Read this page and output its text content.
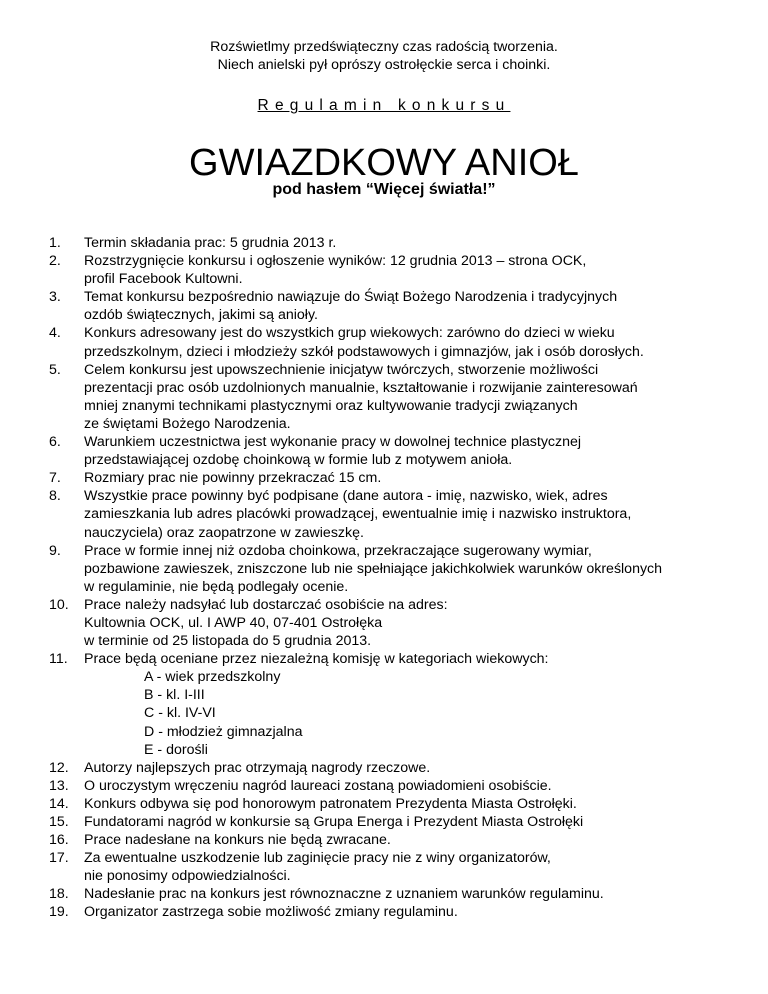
Rozświetlmy przedświąteczny czas radością tworzenia.
Niech anielski pył oprószy ostrołęckie serca i choinki.
Regulamin konkursu
GWIAZDKOWY ANIOŁ
pod hasłem “Więcej światła!”
1. Termin składania prac: 5 grudnia 2013 r.
2. Rozstrzygnięcie konkursu i ogłoszenie wyników: 12 grudnia 2013 – strona OCK,
profil Facebook Kultowni.
3. Temat konkursu bezpośrednio nawiązuje do Świąt Bożego Narodzenia i tradycyjnych
ozdób świątecznych, jakimi są anioły.
4. Konkurs adresowany jest do wszystkich grup wiekowych: zarówno do dzieci w wieku
przedszkolnym, dzieci i młodzieży szkół podstawowych i gimnazjów, jak i osób dorosłych.
5. Celem konkursu jest upowszechnienie inicjatyw twórczych, stworzenie możliwości
prezentacji prac osób uzdolnionych manualnie, kształtowanie i rozwijanie zainteresowań
mniej znanymi technikami plastycznymi oraz kultywowanie tradycji związanych
ze świętami Bożego Narodzenia.
6. Warunkiem uczestnictwa jest wykonanie pracy w dowolnej technice plastycznej
przedstawiającej ozdobę choinkową w formie lub z motywem anioła.
7. Rozmiary prac nie powinny przekraczać 15 cm.
8. Wszystkie prace powinny być podpisane (dane autora - imię, nazwisko, wiek, adres
zamieszkania lub adres placówki prowadzącej, ewentualnie imię i nazwisko instruktora,
nauczyciela) oraz zaopatrzone w zawieszkę.
9. Prace w formie innej niż ozdoba choinkowa, przekraczające sugerowany wymiar,
pozbawione zawieszek, zniszczone lub nie spełniające jakichkolwiek warunków określonych
w regulaminie, nie będą podlegały ocenie.
10. Prace należy nadsyłać lub dostarczać osobiście na adres:
Kultownia OCK, ul. I AWP 40, 07-401 Ostrołęka
w terminie od 25 listopada do 5 grudnia 2013.
11. Prace będą oceniane przez niezależną komisję w kategoriach wiekowych:
A - wiek przedszkolny
B - kl. I-III
C - kl. IV-VI
D - młodzież gimnazjalna
E - dorośli
12. Autorzy najlepszych prac otrzymają nagrody rzeczowe.
13. O uroczystym wręczeniu nagród laureaci zostaną powiadomieni osobiście.
14. Konkurs odbywa się pod honorowym patronatem Prezydenta Miasta Ostrołęki.
15. Fundatorami nagród w konkursie są Grupa Energa i Prezydent Miasta Ostrołęki
16. Prace nadesłane na konkurs nie będą zwracane.
17. Za ewentualne uszkodzenie lub zaginięcie pracy nie z winy organizatorów,
nie ponosimy odpowiedzialności.
18. Nadesłanie prac na konkurs jest równoznaczne z uznaniem warunków regulaminu.
19. Organizator zastrzega sobie możliwość zmiany regulaminu.
